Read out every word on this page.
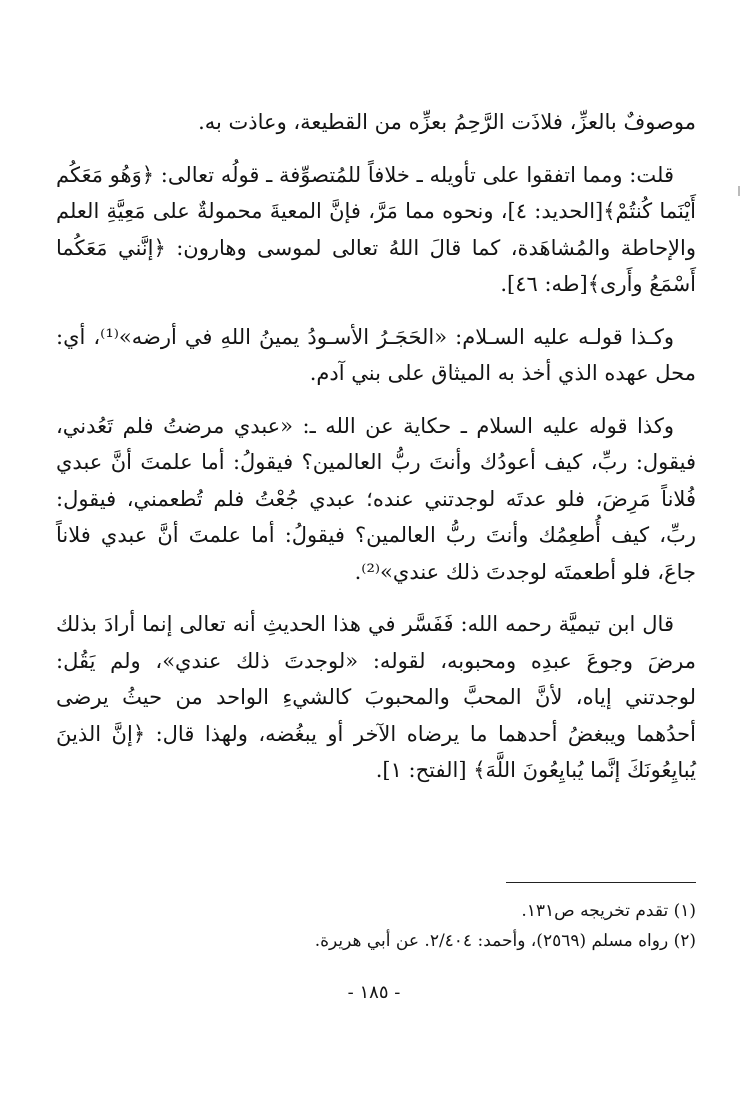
موصوفٌ بالعزِّ، فلاذَت الرَّحِمُ بعزِّه من القطيعة، وعاذت به.

قلت: ومما اتفقوا على تأويله ـ خلافاً للمُتصوِّفة ـ قولُه تعالى: ﴿وَهُو مَعَكُم أَيْنَما كُنتُمْ﴾[الحديد: ٤]، ونحوه مما مَرَّ، فإنَّ المعيةَ محمولةٌ على مَعِيَّةِ العلم والإحاطة والمُشاهَدة، كما قالَ اللهُ تعالى لموسى وهارون: ﴿إنَّني مَعَكُما أَسْمَعُ وأَرى﴾[طه: ٤٦].

وكـذا قولـه عليه السـلام: «الحَجَـرُ الأسـودُ يمينُ اللهِ في أرضه»⁽¹⁾، أي: محل عهده الذي أخذ به الميثاق على بني آدم.

وكذا قوله عليه السلام ـ حكاية عن الله ـ: «عبدي مرضتُ فلم تَعُدني، فيقول: ربِّ، كيف أعودُك وأنتَ ربُّ العالمين؟ فيقولُ: أما علمتَ أنَّ عبدي فُلاناً مَرِضَ، فلو عدتَه لوجدتني عنده؛ عبدي جُعْتُ فلم تُطعمني، فيقول: ربِّ، كيف أُطعِمُك وأنتَ ربُّ العالمين؟ فيقولُ: أما علمتَ أنَّ عبدي فلاناً جاعَ، فلو أطعمتَه لوجدتَ ذلك عندي»⁽²⁾.

قال ابن تيميَّة رحمه الله: فَفَسَّر في هذا الحديثِ أنه تعالى إنما أرادَ بذلك مرضَ وجوعَ عبدِه ومحبوبه، لقوله: «لوجدتَ ذلك عندي»، ولم يَقُل: لوجدتني إياه، لأنَّ المحبَّ والمحبوبَ كالشيءِ الواحد من حيثُ يرضى أحدُهما ويبغضُ أحدهما ما يرضاه الآخر أو يبغُضه، ولهذا قال: ﴿إنَّ الذينَ يُبايِعُونَكَ إنَّما يُبايِعُونَ اللَّهَ﴾ [الفتح: ١].

(١) تقدم تخريجه ص١٣١.

(٢) رواه مسلم (٢٥٦٩)، وأحمد: ٢/٤٠٤. عن أبي هريرة.

- ١٨٥ -
